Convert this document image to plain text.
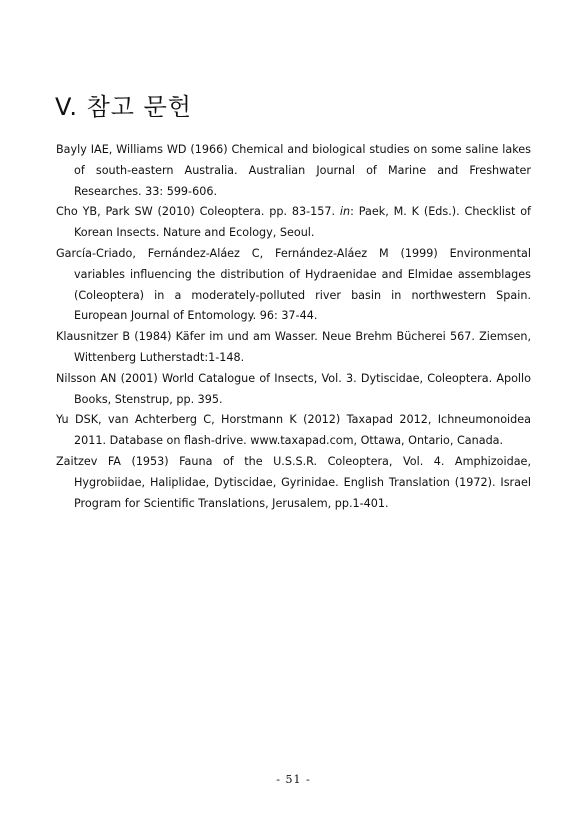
V. 참고 문헌
Bayly IAE, Williams WD (1966) Chemical and biological studies on some saline lakes of south-eastern Australia. Australian Journal of Marine and Freshwater Researches. 33: 599-606.
Cho YB, Park SW (2010) Coleoptera. pp. 83-157. in: Paek, M. K (Eds.). Checklist of Korean Insects. Nature and Ecology, Seoul.
García-Criado, Fernández-Aláez C, Fernández-Aláez M (1999) Environmental variables influencing the distribution of Hydraenidae and Elmidae assemblages (Coleoptera) in a moderately-polluted river basin in northwestern Spain. European Journal of Entomology. 96: 37-44.
Klausnitzer B (1984) Käfer im und am Wasser. Neue Brehm Bücherei 567. Ziemsen, Wittenberg Lutherstadt:1-148.
Nilsson AN (2001) World Catalogue of Insects, Vol. 3. Dytiscidae, Coleoptera. Apollo Books, Stenstrup, pp. 395.
Yu DSK, van Achterberg C, Horstmann K (2012) Taxapad 2012, Ichneumonoidea 2011. Database on flash-drive. www.taxapad.com, Ottawa, Ontario, Canada.
Zaitzev FA (1953) Fauna of the U.S.S.R. Coleoptera, Vol. 4. Amphizoidae, Hygrobiidae, Haliplidae, Dytiscidae, Gyrinidae. English Translation (1972). Israel Program for Scientific Translations, Jerusalem, pp.1-401.
- 51 -
